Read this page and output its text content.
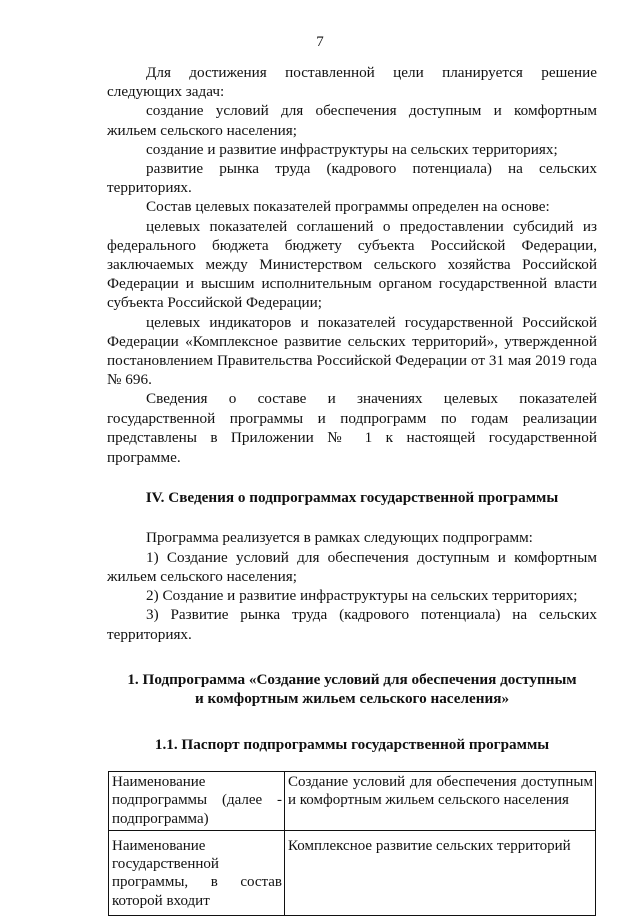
7

Для достижения поставленной цели планируется решение следующих задач:

создание условий для обеспечения доступным и комфортным жильем сельского населения;

создание и развитие инфраструктуры на сельских территориях;

развитие рынка труда (кадрового потенциала) на сельских территориях.

Состав целевых показателей программы определен на основе:

целевых показателей соглашений о предоставлении субсидий из федерального бюджета бюджету субъекта Российской Федерации, заключаемых между Министерством сельского хозяйства Российской Федерации и высшим исполнительным органом государственной власти субъекта Российской Федерации;

целевых индикаторов и показателей государственной Российской Федерации «Комплексное развитие сельских территорий», утвержденной постановлением Правительства Российской Федерации от 31 мая 2019 года № 696.

Сведения о составе и значениях целевых показателей государственной программы и подпрограмм по годам реализации представлены в Приложении № 1 к настоящей государственной программе.

IV. Сведения о подпрограммах государственной программы

Программа реализуется в рамках следующих подпрограмм:

1) Создание условий для обеспечения доступным и комфортным жильем сельского населения;

2) Создание и развитие инфраструктуры на сельских территориях;

3) Развитие рынка труда (кадрового потенциала) на сельских территориях.

1. Подпрограмма «Создание условий для обеспечения доступным
и комфортным жильем сельского населения»
1.1. Паспорт подпрограммы государственной программы
Наименование подпрограммы (далее - подпрограмма)	Создание условий для обеспечения доступным и комфортным жильем сельского населения
Наименование государственной программы, в состав которой входит	Комплексное развитие сельских территорий
